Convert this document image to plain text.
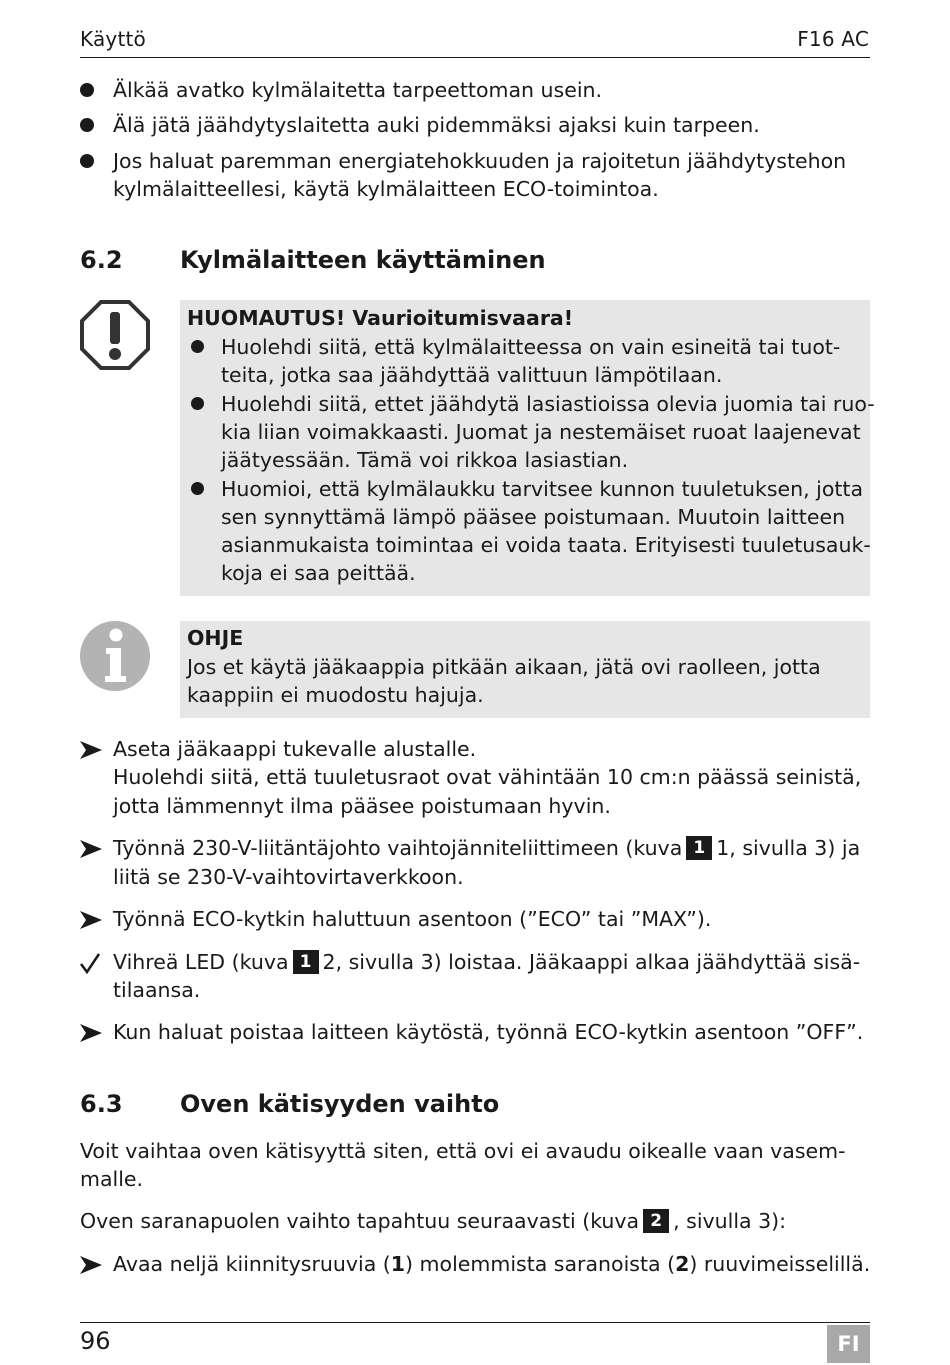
Käyttö	F16 AC
Älkää avatko kylmälaitetta tarpeettoman usein.
Älä jätä jäähdytyslaitetta auki pidemmäksi ajaksi kuin tarpeen.
Jos haluat paremman energiatehokkuuden ja rajoitetun jäähdytystehon
kylmälaitteellesi, käytä kylmälaitteen ECO-toimintoa.
6.2 Kylmälaitteen käyttäminen
HUOMAUTUS! Vaurioitumisvaara!
Huolehdi siitä, että kylmälaitteessa on vain esineitä tai tuot-
teita, jotka saa jäähdyttää valittuun lämpötilaan.
Huolehdi siitä, ettet jäähdytä lasiastioissa olevia juomia tai ruo-
kia liian voimakkaasti. Juomat ja nestemäiset ruoat laajenevat
jäätyessään. Tämä voi rikkoa lasiastian.
Huomioi, että kylmälaukku tarvitsee kunnon tuuletuksen, jotta
sen synnyttämä lämpö pääsee poistumaan. Muutoin laitteen
asianmukaista toimintaa ei voida taata. Erityisesti tuuletusauk-
koja ei saa peittää.
OHJE
Jos et käytä jääkaappia pitkään aikaan, jätä ovi raolleen, jotta
kaappiin ei muodostu hajuja.
Aseta jääkaappi tukevalle alustalle.
Huolehdi siitä, että tuuletusraot ovat vähintään 10 cm:n päässä seinistä,
jotta lämmennyt ilma pääsee poistumaan hyvin.
Työnnä 230-V-liitäntäjohto vaihtojänniteliittimeen (kuva 1 1, sivulla 3) ja
liitä se 230-V-vaihtovirtaverkkoon.
Työnnä ECO-kytkin haluttuun asentoon (”ECO” tai ”MAX”).
Vihreä LED (kuva 1 2, sivulla 3) loistaa. Jääkaappi alkaa jäähdyttää sisä-
tilaansa.
Kun haluat poistaa laitteen käytöstä, työnnä ECO-kytkin asentoon ”OFF”.
6.3 Oven kätisyyden vaihto
Voit vaihtaa oven kätisyyttä siten, että ovi ei avaudu oikealle vaan vasem-
malle.
Oven saranapuolen vaihto tapahtuu seuraavasti (kuva 2 , sivulla 3):
Avaa neljä kiinnitysruuvia (1) molemmista saranoista (2) ruuvimeisselillä.
96	FI
